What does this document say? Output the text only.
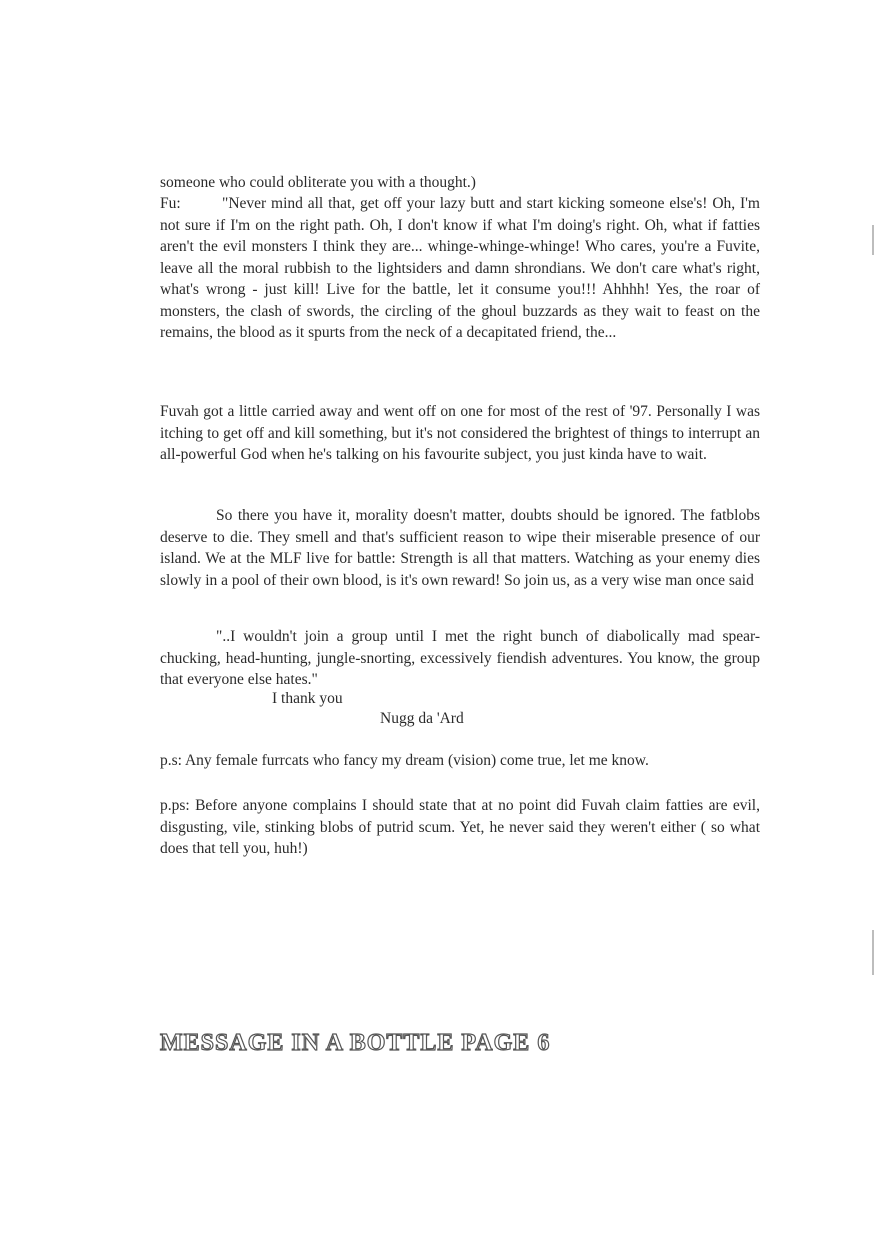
someone who could obliterate you with a thought.)

Fu:	"Never mind all that, get off your lazy butt and start kicking someone else's! Oh, I'm not sure if I'm on the right path. Oh, I don't know if what I'm doing's right. Oh, what if fatties aren't the evil monsters I think they are... whinge-whinge-whinge! Who cares, you're a Fuvite, leave all the moral rubbish to the lightsiders and damn shrondians. We don't care what's right, what's wrong - just kill! Live for the battle, let it consume you!!! Ahhhh! Yes, the roar of monsters, the clash of swords, the circling of the ghoul buzzards as they wait to feast on the remains, the blood as it spurts from the neck of a decapitated friend, the...

Fuvah got a little carried away and went off on one for most of the rest of '97. Personally I was itching to get off and kill something, but it's not considered the brightest of things to interrupt an all-powerful God when he's talking on his favourite subject, you just kinda have to wait.

So there you have it, morality doesn't matter, doubts should be ignored. The fatblobs deserve to die. They smell and that's sufficient reason to wipe their miserable presence of our island. We at the MLF live for battle: Strength is all that matters. Watching as your enemy dies slowly in a pool of their own blood, is it's own reward! So join us, as a very wise man once said

"..I wouldn't join a group until I met the right bunch of diabolically mad spear-chucking, head-hunting, jungle-snorting, excessively fiendish adventures. You know, the group that everyone else hates."

I thank you
Nugg da 'Ard

p.s: Any female furrcats who fancy my dream (vision) come true, let me know.

p.ps: Before anyone complains I should state that at no point did Fuvah claim fatties are evil, disgusting, vile, stinking blobs of putrid scum. Yet, he never said they weren't either ( so what does that tell you, huh!)

MESSAGE IN A BOTTLE PAGE 6
